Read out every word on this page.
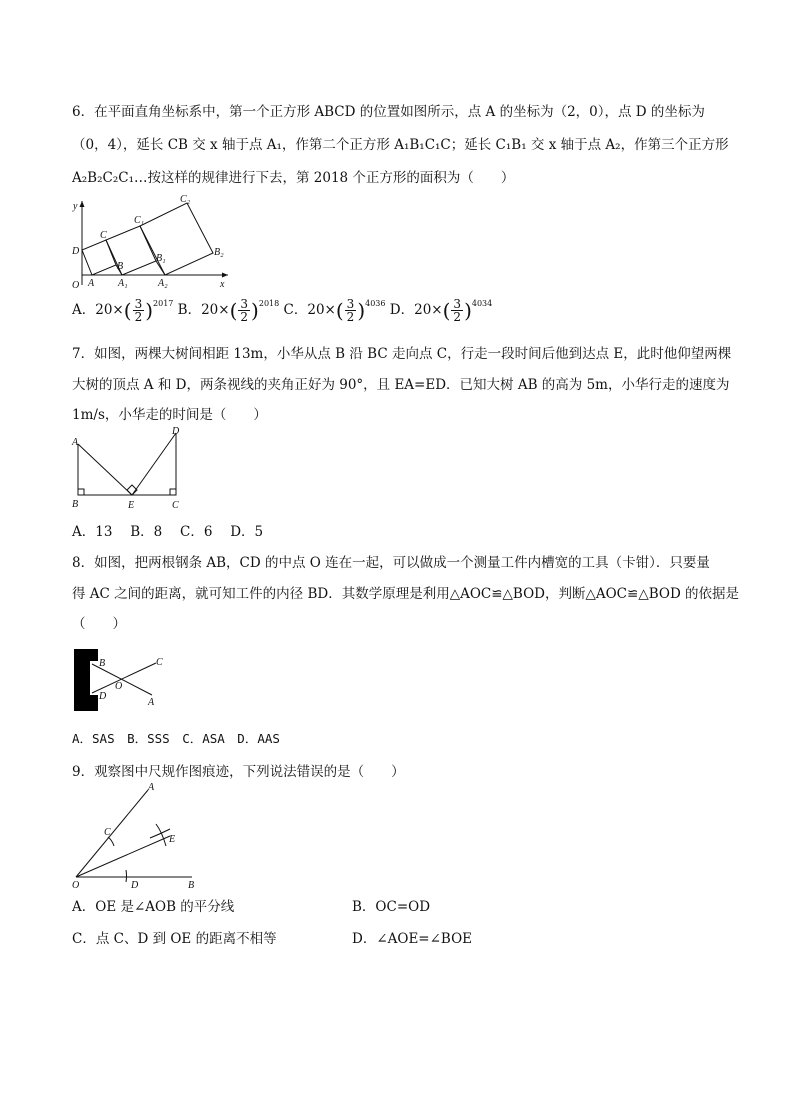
6．在平面直角坐标系中，第一个正方形 ABCD 的位置如图所示，点 A 的坐标为（2，0），点 D 的坐标为
（0，4），延长 CB 交 x 轴于点 A₁，作第二个正方形 A₁B₁C₁C；延长 C₁B₁ 交 x 轴于点 A₂，作第三个正方形
A₂B₂C₂C₁…按这样的规律进行下去，第 2018 个正方形的面积为（　　）
y
x
O A
B
C
D
A₁
B₁
C₁
A₂
B₂
C₂
A．$20\times( \frac{3}{2} )^{2017}$ B．$20\times( \frac{3}{2} )^{2018}$ C．$20\times( \frac{3}{2} )^{4036}$ D．$20\times( \frac{3}{2} )^{4034}$
7．如图，两棵大树间相距 13m，小华从点 B 沿 BC 走向点 C，行走一段时间后他到达点 E，此时他仰望两棵
大树的顶点 A 和 D，两条视线的夹角正好为 90°，且 EA=ED．已知大树 AB 的高为 5m，小华行走的速度为
1m/s，小华走的时间是（　　）
A
B	E	C
D
A．13　 B．8　 C．6　 D．5
8．如图，把两根钢条 AB，CD 的中点 O 连在一起，可以做成一个测量工件内槽宽的工具（卡钳）．只要量
得 AC 之间的距离，就可知工件的内径 BD．其数学原理是利用△AOC≌△BOD，判断△AOC≌△BOD 的依据是
（　　）
B
D
O
C
A
A．SAS　B．SSS　C．ASA　D．AAS
9．观察图中尺规作图痕迹，下列说法错误的是（　　）
A
C
E
O	D	B
A．OE 是∠AOB 的平分线	B．OC=OD
C．点 C、D 到 OE 的距离不相等	D．∠AOE=∠BOE
